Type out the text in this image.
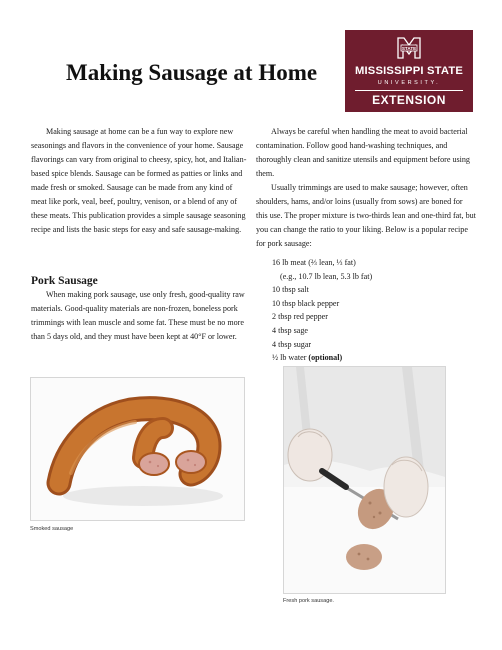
Making Sausage at Home
STATE
MISSISSIPPI STATE
UNIVERSITY.
EXTENSION

Making sausage at home can be a fun way to explore new seasonings and flavors in the convenience of your home. Sausage flavorings can vary from original to cheesy, spicy, hot, and Italian-based spice blends. Sausage can be formed as patties or links and made fresh or smoked. Sausage can be made from any kind of meat like pork, veal, beef, poultry, venison, or a blend of any of these meats. This publication provides a simple sausage seasoning recipe and lists the basic steps for easy and safe sausage-making.

Always be careful when handling the meat to avoid bacterial contamination. Follow good hand-washing techniques, and thoroughly clean and sanitize utensils and equipment before using them.

Usually trimmings are used to make sausage; however, often shoulders, hams, and/or loins (usually from sows) are boned for this use. The proper mixture is two-thirds lean and one-third fat, but you can change the ratio to your liking. Below is a popular recipe for pork sausage:

Pork Sausage

When making pork sausage, use only fresh, good-quality raw materials. Good-quality materials are non-frozen, boneless pork trimmings with lean muscle and some fat. These must be no more than 5 days old, and they must have been kept at 40°F or lower.

16 lb meat (⅔ lean, ⅓ fat)
(e.g., 10.7 lb lean, 5.3 lb fat)
10 tbsp salt
10 tbsp black pepper
2 tbsp red pepper
4 tbsp sage
4 tbsp sugar
½ lb water (optional)
Smoked sausage
Fresh pork sausage.
